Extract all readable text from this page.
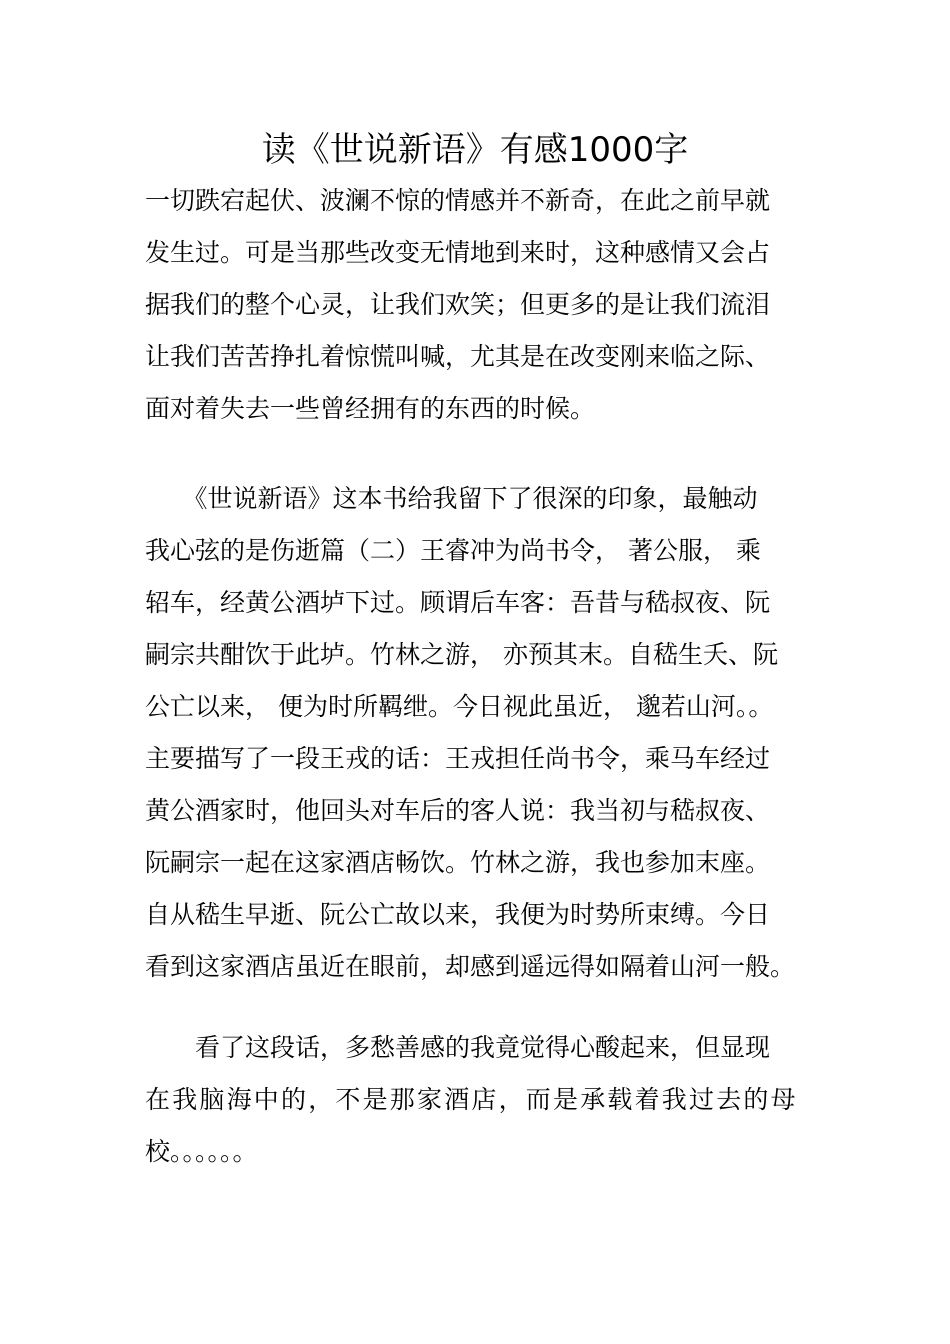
读《世说新语》有感1000字
一切跌宕起伏、波澜不惊的情感并不新奇，在此之前早就
发生过。可是当那些改变无情地到来时，这种感情又会占
据我们的整个心灵，让我们欢笑；但更多的是让我们流泪
让我们苦苦挣扎着惊慌叫喊，尤其是在改变刚来临之际、
面对着失去一些曾经拥有的东西的时候。
　　《世说新语》这本书给我留下了很深的印象，最触动
我心弦的是伤逝篇（二）王睿冲为尚书令， 著公服， 乘
轺车，经黄公酒垆下过。顾谓后车客：吾昔与嵇叔夜、阮
嗣宗共酣饮于此垆。竹林之游， 亦预其末。自嵇生夭、阮
公亡以来， 便为时所羁绁。今日视此虽近， 邈若山河。。
主要描写了一段王戎的话：王戎担任尚书令，乘马车经过
黄公酒家时，他回头对车后的客人说：我当初与嵇叔夜、
阮嗣宗一起在这家酒店畅饮。竹林之游，我也参加末座。
自从嵇生早逝、阮公亡故以来，我便为时势所束缚。今日
看到这家酒店虽近在眼前，却感到遥远得如隔着山河一般。
　　看了这段话，多愁善感的我竟觉得心酸起来，但显现
在我脑海中的，不是那家酒店，而是承载着我过去的母
校。。。。。。
